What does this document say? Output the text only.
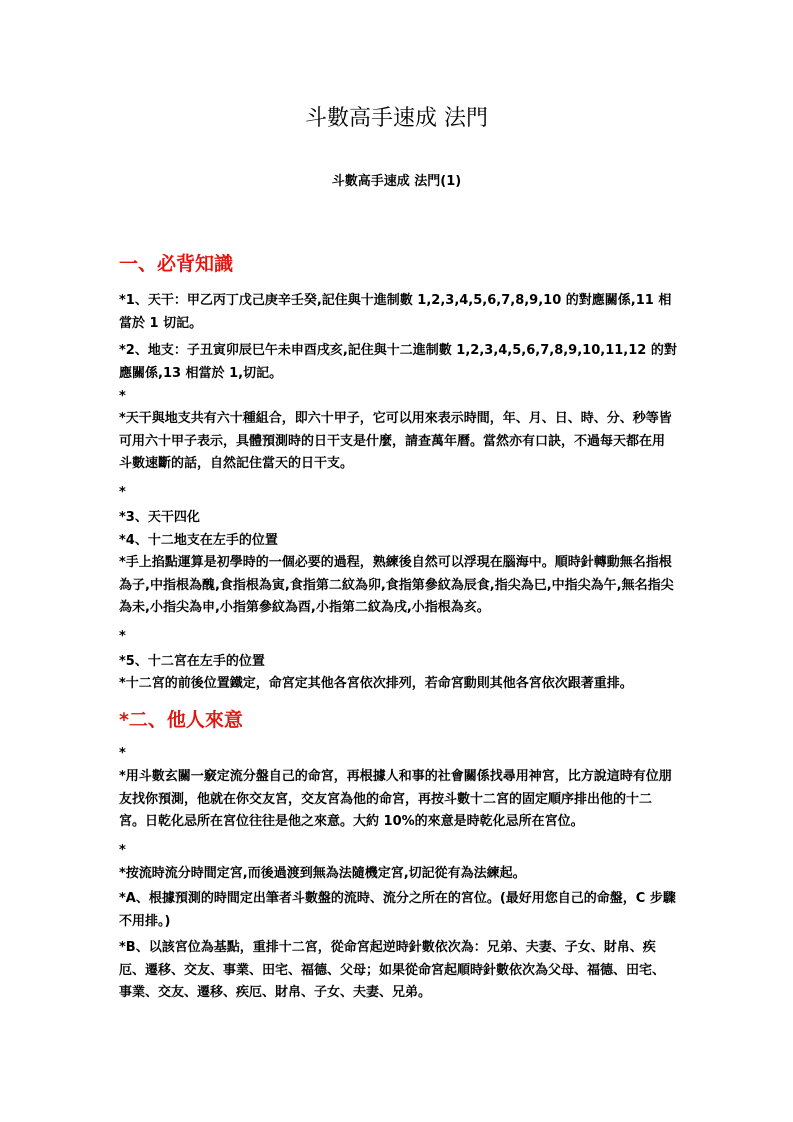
斗數高手速成 法門
斗數高手速成 法門(1)
一、必背知識

*1、天干：甲乙丙丁戊己庚辛壬癸,記住與十進制數 1,2,3,4,5,6,7,8,9,10 的對應關係,11 相當於 1 切記。

*2、地支：子丑寅卯辰巳午未申酉戌亥,記住與十二進制數 1,2,3,4,5,6,7,8,9,10,11,12 的對應關係,13 相當於 1,切記。

*

*天干與地支共有六十種組合，即六十甲子，它可以用來表示時間，年、月、日、時、分、秒等皆可用六十甲子表示，具體預測時的日干支是什麼，請查萬年曆。當然亦有口訣，不過每天都在用斗數速斷的話，自然記住當天的日干支。

*

*3、天干四化

*4、十二地支在左手的位置

*手上掐點運算是初學時的一個必要的過程，熟練後自然可以浮現在腦海中。順時針轉動無名指根為子,中指根為醜,食指根為寅,食指第二紋為卯,食指第參紋為辰食,指尖為巳,中指尖為午,無名指尖為未,小指尖為申,小指第參紋為酉,小指第二紋為戌,小指根為亥。

*

*5、十二宮在左手的位置

*十二宮的前後位置鐵定，命宮定其他各宮依次排列，若命宮動則其他各宮依次跟著重排。

*二、他人來意
*

*用斗數玄關一竅定流分盤自己的命宮，再根據人和事的社會關係找尋用神宮，比方說這時有位朋友找你預測，他就在你交友宮，交友宮為他的命宮，再按斗數十二宮的固定順序排出他的十二宮。日乾化忌所在宮位往往是他之來意。大約 10%的來意是時乾化忌所在宮位。

*

*按流時流分時間定宮,而後過渡到無為法隨機定宮,切記從有為法練起。

*A、根據預測的時間定出筆者斗數盤的流時、流分之所在的宮位。(最好用您自己的命盤，C 步驟不用排。)

*B、以該宮位為基點，重排十二宮，從命宮起逆時針數依次為：兄弟、夫妻、子女、財帛、疾厄、遷移、交友、事業、田宅、福德、父母；如果從命宮起順時針數依次為父母、福德、田宅、事業、交友、遷移、疾厄、財帛、子女、夫妻、兄弟。
